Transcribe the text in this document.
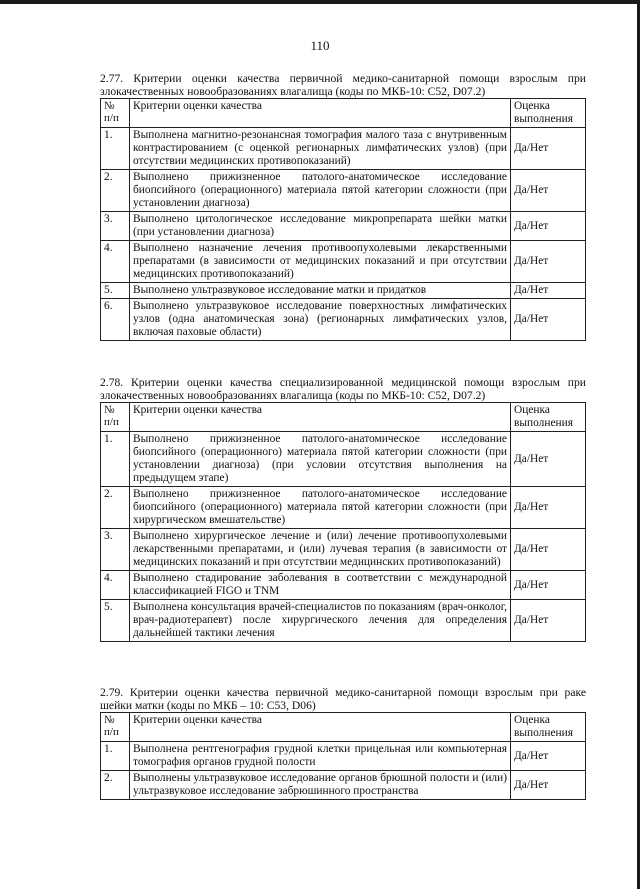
110

2.77. Критерии оценки качества первичной медико-санитарной помощи взрослым при злокачественных новообразованиях влагалища (коды по МКБ-10: C52, D07.2)

№ п/п	Критерии оценки качества	Оценка выполнения
1.	Выполнена магнитно-резонансная томография малого таза с внутривенным контрастированием (с оценкой регионарных лимфатических узлов) (при отсутствии медицинских противопоказаний)	Да/Нет
2.	Выполнено прижизненное патолого-анатомическое исследование биопсийного (операционного) материала пятой категории сложности (при установлении диагноза)	Да/Нет
3.	Выполнено цитологическое исследование микропрепарата шейки матки (при установлении диагноза)	Да/Нет
4.	Выполнено назначение лечения противоопухолевыми лекарственными препаратами (в зависимости от медицинских показаний и при отсутствии медицинских противопоказаний)	Да/Нет
5.	Выполнено ультразвуковое исследование матки и придатков	Да/Нет
6.	Выполнено ультразвуковое исследование поверхностных лимфатических узлов (одна анатомическая зона) (регионарных лимфатических узлов, включая паховые области)	Да/Нет

2.78. Критерии оценки качества специализированной медицинской помощи взрослым при злокачественных новообразованиях влагалища (коды по МКБ-10: C52, D07.2)

№ п/п	Критерии оценки качества	Оценка выполнения
1.	Выполнено прижизненное патолого-анатомическое исследование биопсийного (операционного) материала пятой категории сложности (при установлении диагноза) (при условии отсутствия выполнения на предыдущем этапе)	Да/Нет
2.	Выполнено прижизненное патолого-анатомическое исследование биопсийного (операционного) материала пятой категории сложности (при хирургическом вмешательстве)	Да/Нет
3.	Выполнено хирургическое лечение и (или) лечение противоопухолевыми лекарственными препаратами, и (или) лучевая терапия (в зависимости от медицинских показаний и при отсутствии медицинских противопоказаний)	Да/Нет
4.	Выполнено стадирование заболевания в соответствии с международной классификацией FIGO и TNM	Да/Нет
5.	Выполнена консультация врачей-специалистов по показаниям (врач-онколог, врач-радиотерапевт) после хирургического лечения для определения дальнейшей тактики лечения	Да/Нет

2.79. Критерии оценки качества первичной медико-санитарной помощи взрослым при раке шейки матки (коды по МКБ – 10: C53, D06)

№ п/п	Критерии оценки качества	Оценка выполнения
1.	Выполнена рентгенография грудной клетки прицельная или компьютерная томография органов грудной полости	Да/Нет
2.	Выполнены ультразвуковое исследование органов брюшной полости и (или) ультразвуковое исследование забрюшинного пространства	Да/Нет
